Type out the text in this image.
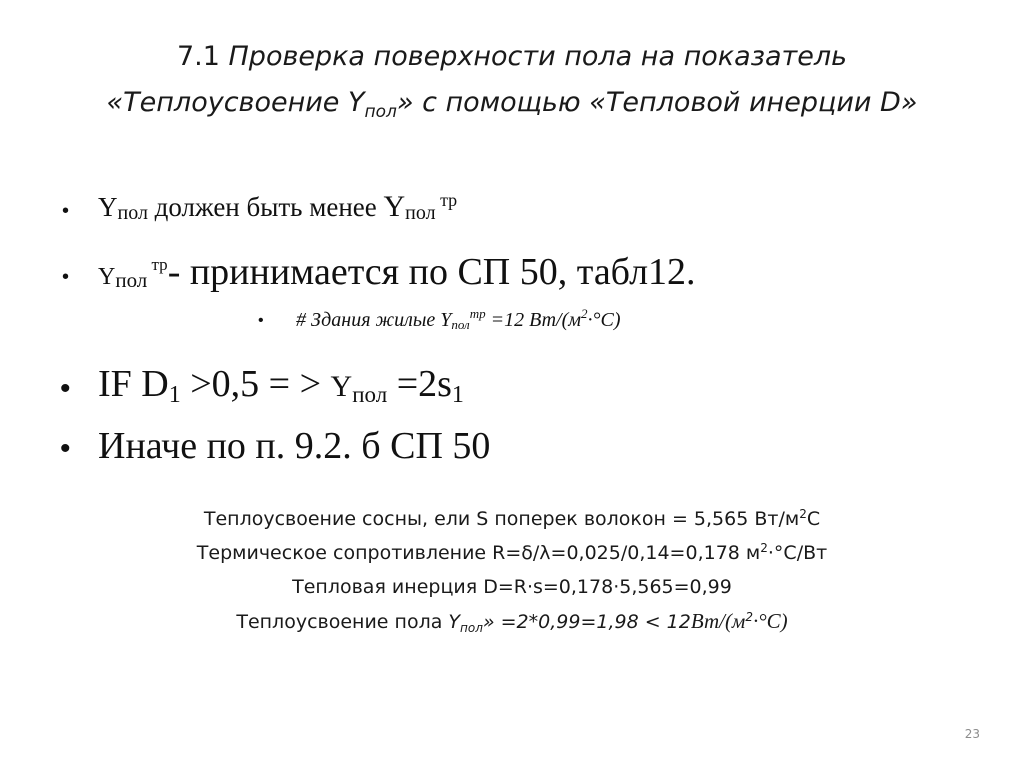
7.1 Проверка поверхности пола на показатель
«Теплоусвоение $Y_{пол}$» с помощью «Тепловой инерции D»
• $Y_{пол}$ должен быть менее $Y_{пол}$ $^{тр}$
• $Y_{пол}$ $^{тр}$- принимается по СП 50, табл12.
• # Здания жилые $Y_{пол}^{тр} =12$ $Вт/(м^2\cdot^\circ С)$
• IF $D_1 >0,5$ = > $Y_{пол} =2s_1$
• Иначе по п. 9.2. б СП 50
Теплоусвоение сосны, ели S поперек волокон = 5,565 $Вт/м^2С$
Термическое сопротивление R=δ/λ=0,025/0,14=0,178 $м^2\cdot^\circ С/Вт$
Тепловая инерция D=R·s=0,178·5,565=0,99
Теплоусвоение пола $Y_{пол}$» $=2*0,99=1,98 < 12Вт/(м^2\cdot^\circ С)$
23
